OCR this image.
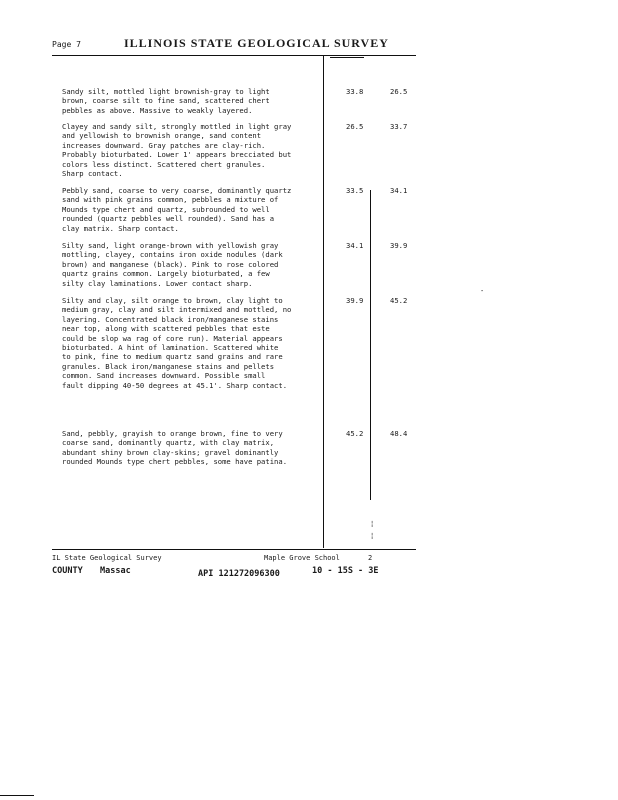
Page 7	ILLINOIS STATE GEOLOGICAL SURVEY
¦
¦
-
Sandy silt, mottled light brownish-gray to light
brown, coarse silt to fine sand, scattered chert
pebbles as above. Massive to weakly layered.
33.8	26.5
Clayey and sandy silt, strongly mottled in light gray
and yellowish to brownish orange, sand content
increases downward. Gray patches are clay-rich.
Probably bioturbated. Lower 1' appears brecciated but
colors less distinct. Scattered chert granules.
Sharp contact.
26.5	33.7
Pebbly sand, coarse to very coarse, dominantly quartz
sand with pink grains common, pebbles a mixture of
Mounds type chert and quartz, subrounded to well
rounded (quartz pebbles well rounded). Sand has a
clay matrix. Sharp contact.
33.5	34.1
Silty sand, light orange-brown with yellowish gray
mottling, clayey, contains iron oxide nodules (dark
brown) and manganese (black). Pink to rose colored
quartz grains common. Largely bioturbated, a few
silty clay laminations. Lower contact sharp.
34.1	39.9
Silty and clay, silt orange to brown, clay light to
medium gray, clay and silt intermixed and mottled, no
layering. Concentrated black iron/manganese stains
near top, along with scattered pebbles that este
could be slop wa rag of core run). Material appears
bioturbated. A hint of lamination. Scattered white
to pink, fine to medium quartz sand grains and rare
granules. Black iron/manganese stains and pellets
common. Sand increases downward. Possible small
fault dipping 40-50 degrees at 45.1'. Sharp contact.
39.9	45.2
Sand, pebbly, grayish to orange brown, fine to very
coarse sand, dominantly quartz, with clay matrix,
abundant shiny brown clay-skins; gravel dominantly
rounded Mounds type chert pebbles, some have patina.
45.2	48.4
IL State Geological Survey	Maple Grove School	2
COUNTY Massac	API 121272096300	10 - 15S - 3E
